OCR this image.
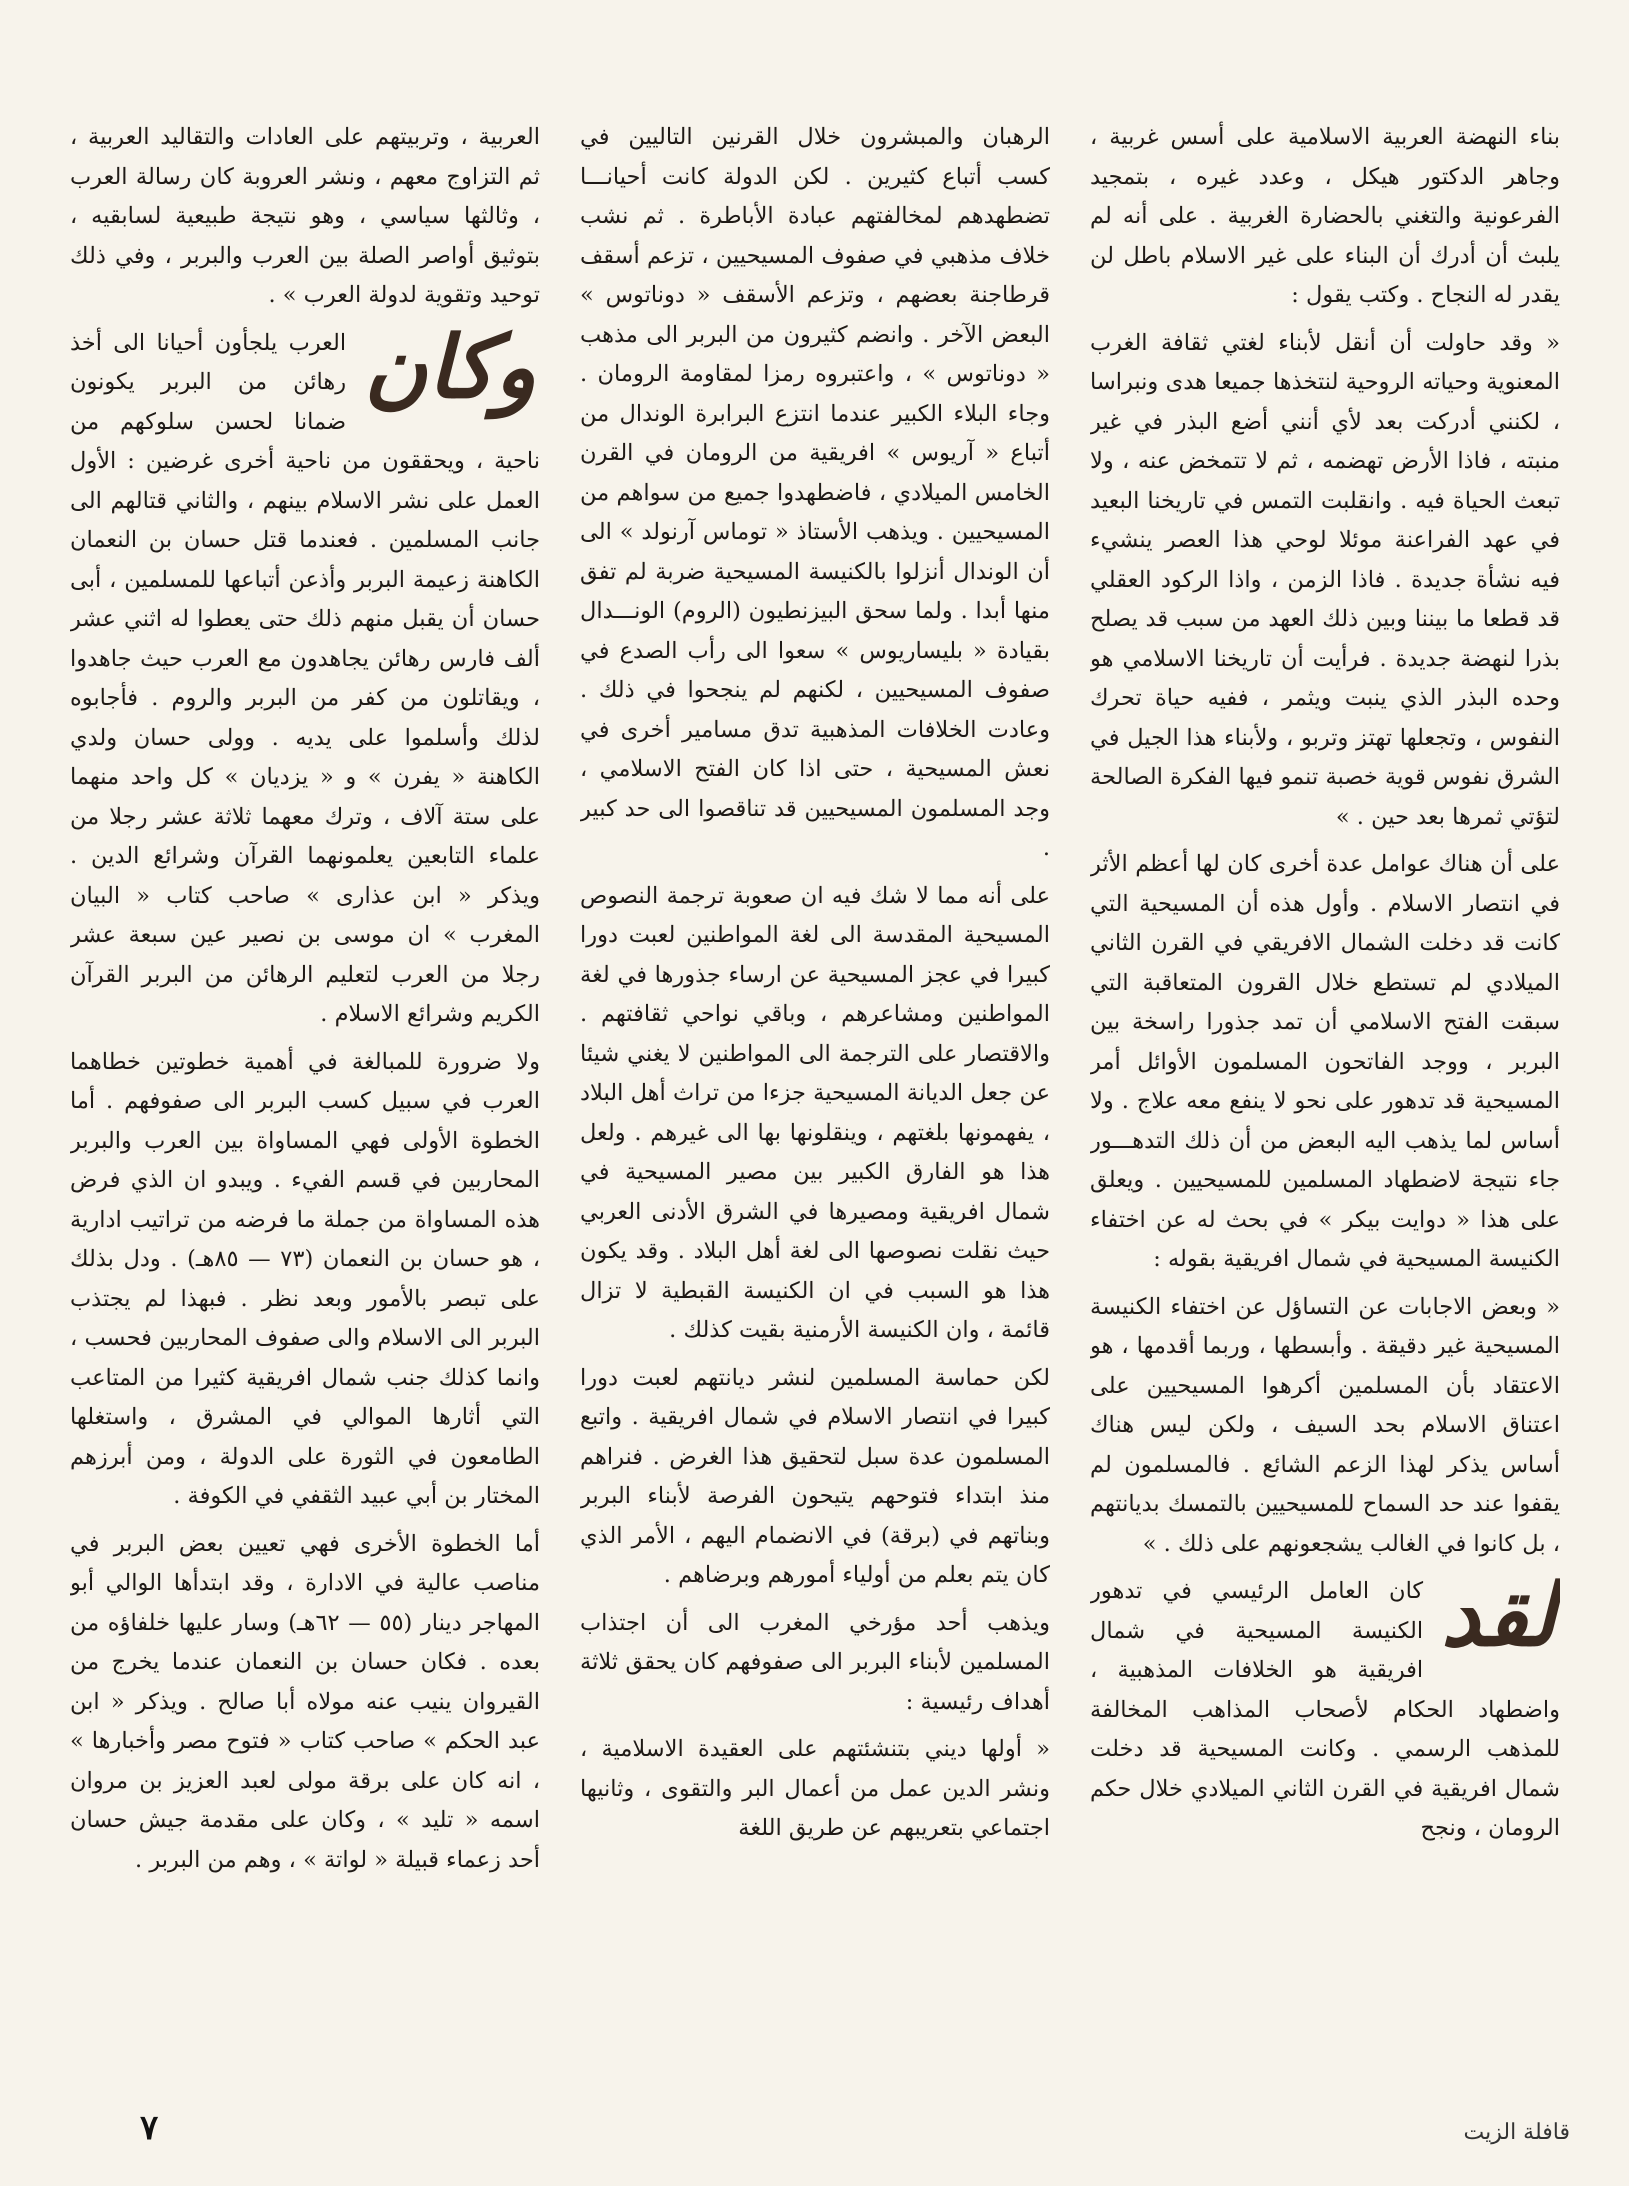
بناء النهضة العربية الاسلامية على أسس غربية ، وجاهر الدكتور هيكل ، وعدد غيره ، بتمجيد الفرعونية والتغني بالحضارة الغربية . على أنه لم يلبث أن أدرك أن البناء على غير الاسلام باطل لن يقدر له النجاح . وكتب يقول :

« وقد حاولت أن أنقل لأبناء لغتي ثقافة الغرب المعنوية وحياته الروحية لنتخذها جميعا هدى ونبراسا ، لكنني أدركت بعد لأي أنني أضع البذر في غير منبته ، فاذا الأرض تهضمه ، ثم لا تتمخض عنه ، ولا تبعث الحياة فيه . وانقلبت التمس في تاريخنا البعيد في عهد الفراعنة موئلا لوحي هذا العصر ينشيء فيه نشأة جديدة . فاذا الزمن ، واذا الركود العقلي قد قطعا ما بيننا وبين ذلك العهد من سبب قد يصلح بذرا لنهضة جديدة . فرأيت أن تاريخنا الاسلامي هو وحده البذر الذي ينبت ويثمر ، ففيه حياة تحرك النفوس ، وتجعلها تهتز وتربو ، ولأبناء هذا الجيل في الشرق نفوس قوية خصبة تنمو فيها الفكرة الصالحة لتؤتي ثمرها بعد حين . »

على أن هناك عوامل عدة أخرى كان لها أعظم الأثر في انتصار الاسلام . وأول هذه أن المسيحية التي كانت قد دخلت الشمال الافريقي في القرن الثاني الميلادي لم تستطع خلال القرون المتعاقبة التي سبقت الفتح الاسلامي أن تمد جذورا راسخة بين البربر ، ووجد الفاتحون المسلمون الأوائل أمر المسيحية قد تدهور على نحو لا ينفع معه علاج . ولا أساس لما يذهب اليه البعض من أن ذلك التدهـــور جاء نتيجة لاضطهاد المسلمين للمسيحيين . ويعلق على هذا « دوايت بيكر » في بحث له عن اختفاء الكنيسة المسيحية في شمال افريقية بقوله :

« وبعض الاجابات عن التساؤل عن اختفاء الكنيسة المسيحية غير دقيقة . وأبسطها ، وربما أقدمها ، هو الاعتقاد بأن المسلمين أكرهوا المسيحيين على اعتناق الاسلام بحد السيف ، ولكن ليس هناك أساس يذكر لهذا الزعم الشائع . فالمسلمون لم يقفوا عند حد السماح للمسيحيين بالتمسك بديانتهم ، بل كانوا في الغالب يشجعونهم على ذلك . »

لقد
كان العامل الرئيسي في تدهور الكنيسة المسيحية في شمال افريقية هو الخلافات المذهبية ، واضطهاد الحكام لأصحاب المذاهب المخالفة للمذهب الرسمي . وكانت المسيحية قد دخلت شمال افريقية في القرن الثاني الميلادي خلال حكم الرومان ، ونجح

الرهبان والمبشرون خلال القرنين التاليين في كسب أتباع كثيرين . لكن الدولة كانت أحيانـــا تضطهدهم لمخالفتهم عبادة الأباطرة . ثم نشب خلاف مذهبي في صفوف المسيحيين ، تزعم أسقف قرطاجنة بعضهم ، وتزعم الأسقف « دوناتوس » البعض الآخر . وانضم كثيرون من البربر الى مذهب « دوناتوس » ، واعتبروه رمزا لمقاومة الرومان . وجاء البلاء الكبير عندما انتزع البرابرة الوندال من أتباع « آريوس » افريقية من الرومان في القرن الخامس الميلادي ، فاضطهدوا جميع من سواهم من المسيحيين . ويذهب الأستاذ « توماس آرنولد » الى أن الوندال أنزلوا بالكنيسة المسيحية ضربة لم تفق منها أبدا . ولما سحق البيزنطيون (الروم) الونـــدال بقيادة « بليساريوس » سعوا الى رأب الصدع في صفوف المسيحيين ، لكنهم لم ينجحوا في ذلك . وعادت الخلافات المذهبية تدق مسامير أخرى في نعش المسيحية ، حتى اذا كان الفتح الاسلامي ، وجد المسلمون المسيحيين قد تناقصوا الى حد كبير .

على أنه مما لا شك فيه ان صعوبة ترجمة النصوص المسيحية المقدسة الى لغة المواطنين لعبت دورا كبيرا في عجز المسيحية عن ارساء جذورها في لغة المواطنين ومشاعرهم ، وباقي نواحي ثقافتهم . والاقتصار على الترجمة الى المواطنين لا يغني شيئا عن جعل الديانة المسيحية جزءا من تراث أهل البلاد ، يفهمونها بلغتهم ، وينقلونها بها الى غيرهم . ولعل هذا هو الفارق الكبير بين مصير المسيحية في شمال افريقية ومصيرها في الشرق الأدنى العربي حيث نقلت نصوصها الى لغة أهل البلاد . وقد يكون هذا هو السبب في ان الكنيسة القبطية لا تزال قائمة ، وان الكنيسة الأرمنية بقيت كذلك .

لكن حماسة المسلمين لنشر ديانتهم لعبت دورا كبيرا في انتصار الاسلام في شمال افريقية . واتبع المسلمون عدة سبل لتحقيق هذا الغرض . فنراهم منذ ابتداء فتوحهم يتيحون الفرصة لأبناء البربر وبناتهم في (برقة) في الانضمام اليهم ، الأمر الذي كان يتم بعلم من أولياء أمورهم وبرضاهم .

ويذهب أحد مؤرخي المغرب الى أن اجتذاب المسلمين لأبناء البربر الى صفوفهم كان يحقق ثلاثة أهداف رئيسية :

« أولها ديني بتنشئتهم على العقيدة الاسلامية ، ونشر الدين عمل من أعمال البر والتقوى ، وثانيها اجتماعي بتعريبهم عن طريق اللغة

العربية ، وتربيتهم على العادات والتقاليد العربية ، ثم التزاوج معهم ، ونشر العروبة كان رسالة العرب ، وثالثها سياسي ، وهو نتيجة طبيعية لسابقيه ، بتوثيق أواصر الصلة بين العرب والبربر ، وفي ذلك توحيد وتقوية لدولة العرب » .

وكان
العرب يلجأون أحيانا الى أخذ رهائن من البربر يكونون ضمانا لحسن سلوكهم من ناحية ، ويحققون من ناحية أخرى غرضين : الأول العمل على نشر الاسلام بينهم ، والثاني قتالهم الى جانب المسلمين . فعندما قتل حسان بن النعمان الكاهنة زعيمة البربر وأذعن أتباعها للمسلمين ، أبى حسان أن يقبل منهم ذلك حتى يعطوا له اثني عشر ألف فارس رهائن يجاهدون مع العرب حيث جاهدوا ، ويقاتلون من كفر من البربر والروم . فأجابوه لذلك وأسلموا على يديه . وولى حسان ولدي الكاهنة « يفرن » و « يزديان » كل واحد منهما على ستة آلاف ، وترك معهما ثلاثة عشر رجلا من علماء التابعين يعلمونهما القرآن وشرائع الدين . ويذكر « ابن عذارى » صاحب كتاب « البيان المغرب » ان موسى بن نصير عين سبعة عشر رجلا من العرب لتعليم الرهائن من البربر القرآن الكريم وشرائع الاسلام .

ولا ضرورة للمبالغة في أهمية خطوتين خطاهما العرب في سبيل كسب البربر الى صفوفهم . أما الخطوة الأولى فهي المساواة بين العرب والبربر المحاربين في قسم الفيء . ويبدو ان الذي فرض هذه المساواة من جملة ما فرضه من تراتيب ادارية ، هو حسان بن النعمان (٧٣ — ٨٥هـ) . ودل بذلك على تبصر بالأمور وبعد نظر . فبهذا لم يجتذب البربر الى الاسلام والى صفوف المحاربين فحسب ، وانما كذلك جنب شمال افريقية كثيرا من المتاعب التي أثارها الموالي في المشرق ، واستغلها الطامعون في الثورة على الدولة ، ومن أبرزهم المختار بن أبي عبيد الثقفي في الكوفة .

أما الخطوة الأخرى فهي تعيين بعض البربر في مناصب عالية في الادارة ، وقد ابتدأها الوالي أبو المهاجر دينار (٥٥ — ٦٢هـ) وسار عليها خلفاؤه من بعده . فكان حسان بن النعمان عندما يخرج من القيروان ينيب عنه مولاه أبا صالح . ويذكر « ابن عبد الحكم » صاحب كتاب « فتوح مصر وأخبارها » ، انه كان على برقة مولى لعبد العزيز بن مروان اسمه « تليد » ، وكان على مقدمة جيش حسان أحد زعماء قبيلة « لواتة » ، وهم من البربر .

٧	قافلة الزيت
